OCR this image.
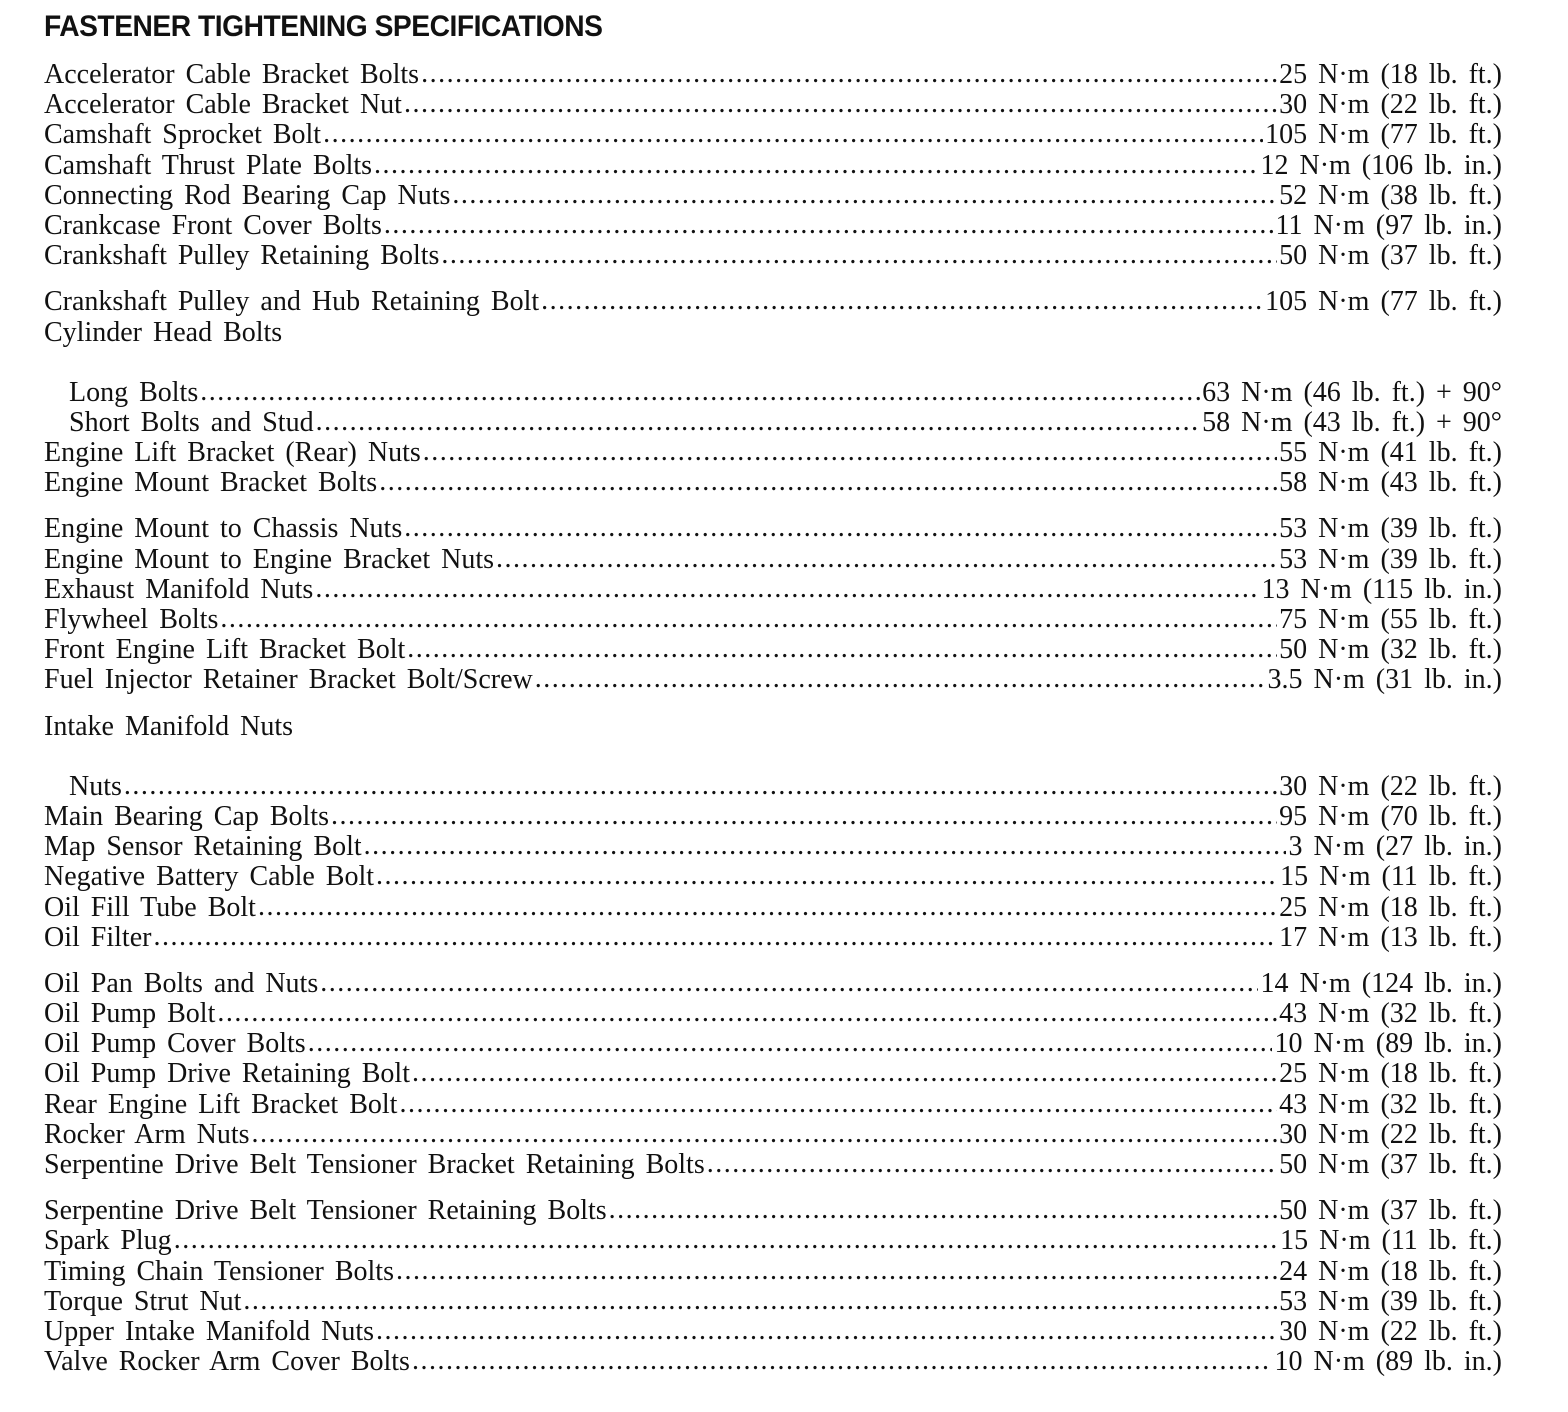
FASTENER TIGHTENING SPECIFICATIONS
Accelerator Cable Bracket Bolts .....	25 N·m (18 lb. ft.)
Accelerator Cable Bracket Nut .....	30 N·m (22 lb. ft.)
Camshaft Sprocket Bolt .....	105 N·m (77 lb. ft.)
Camshaft Thrust Plate Bolts .....	12 N·m (106 lb. in.)
Connecting Rod Bearing Cap Nuts .....	52 N·m (38 lb. ft.)
Crankcase Front Cover Bolts .....	11 N·m (97 lb. in.)
Crankshaft Pulley Retaining Bolts .....	50 N·m (37 lb. ft.)
Crankshaft Pulley and Hub Retaining Bolt .....	105 N·m (77 lb. ft.)
Cylinder Head Bolts
Long Bolts .....	63 N·m (46 lb. ft.) + 90°
Short Bolts and Stud .....	58 N·m (43 lb. ft.) + 90°
Engine Lift Bracket (Rear) Nuts .....	55 N·m (41 lb. ft.)
Engine Mount Bracket Bolts .....	58 N·m (43 lb. ft.)
Engine Mount to Chassis Nuts .....	53 N·m (39 lb. ft.)
Engine Mount to Engine Bracket Nuts .....	53 N·m (39 lb. ft.)
Exhaust Manifold Nuts .....	13 N·m (115 lb. in.)
Flywheel Bolts .....	75 N·m (55 lb. ft.)
Front Engine Lift Bracket Bolt .....	50 N·m (32 lb. ft.)
Fuel Injector Retainer Bracket Bolt/Screw .....	3.5 N·m (31 lb. in.)
Intake Manifold Nuts
Nuts .....	30 N·m (22 lb. ft.)
Main Bearing Cap Bolts .....	95 N·m (70 lb. ft.)
Map Sensor Retaining Bolt .....	3 N·m (27 lb. in.)
Negative Battery Cable Bolt .....	15 N·m (11 lb. ft.)
Oil Fill Tube Bolt .....	25 N·m (18 lb. ft.)
Oil Filter .....	17 N·m (13 lb. ft.)
Oil Pan Bolts and Nuts .....	14 N·m (124 lb. in.)
Oil Pump Bolt .....	43 N·m (32 lb. ft.)
Oil Pump Cover Bolts .....	10 N·m (89 lb. in.)
Oil Pump Drive Retaining Bolt .....	25 N·m (18 lb. ft.)
Rear Engine Lift Bracket Bolt .....	43 N·m (32 lb. ft.)
Rocker Arm Nuts .....	30 N·m (22 lb. ft.)
Serpentine Drive Belt Tensioner Bracket Retaining Bolts .....	50 N·m (37 lb. ft.)
Serpentine Drive Belt Tensioner Retaining Bolts .....	50 N·m (37 lb. ft.)
Spark Plug .....	15 N·m (11 lb. ft.)
Timing Chain Tensioner Bolts .....	24 N·m (18 lb. ft.)
Torque Strut Nut .....	53 N·m (39 lb. ft.)
Upper Intake Manifold Nuts .....	30 N·m (22 lb. ft.)
Valve Rocker Arm Cover Bolts .....	10 N·m (89 lb. in.)
